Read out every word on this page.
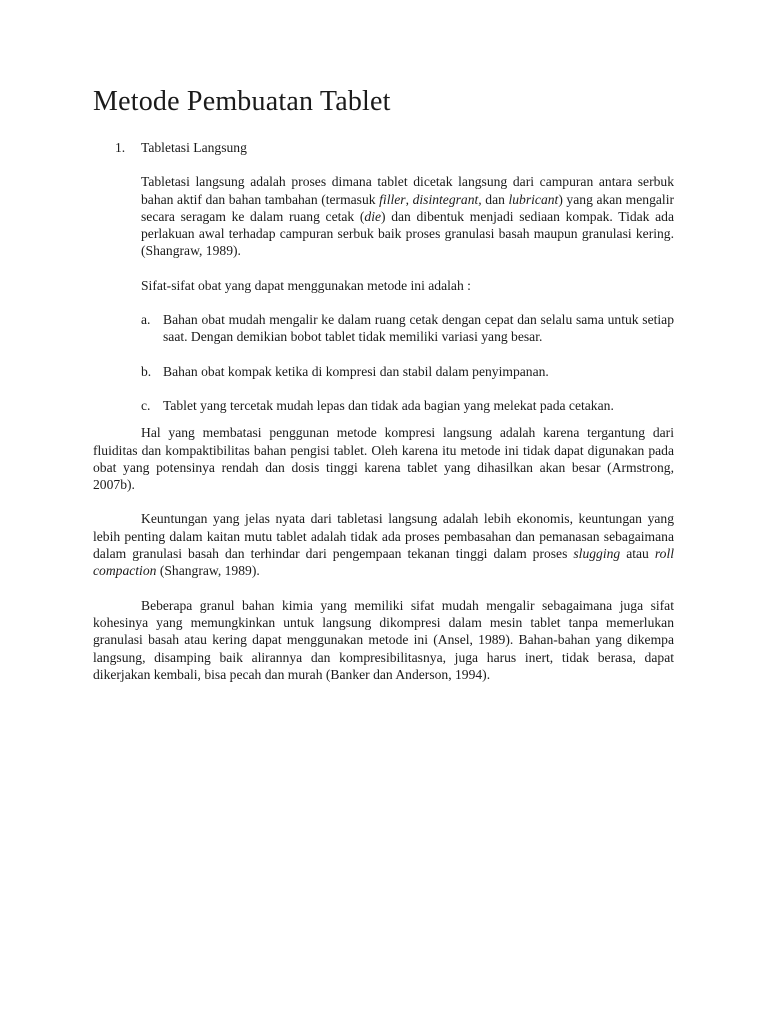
Metode Pembuatan Tablet
1. Tabletasi Langsung

Tabletasi langsung adalah proses dimana tablet dicetak langsung dari campuran antara serbuk bahan aktif dan bahan tambahan (termasuk filler, disintegrant, dan lubricant) yang akan mengalir secara seragam ke dalam ruang cetak (die) dan dibentuk menjadi sediaan kompak. Tidak ada perlakuan awal terhadap campuran serbuk baik proses granulasi basah maupun granulasi kering. (Shangraw, 1989).

Sifat-sifat obat yang dapat menggunakan metode ini adalah :

a. Bahan obat mudah mengalir ke dalam ruang cetak dengan cepat dan selalu sama untuk setiap saat. Dengan demikian bobot tablet tidak memiliki variasi yang besar.
b. Bahan obat kompak ketika di kompresi dan stabil dalam penyimpanan.
c. Tablet yang tercetak mudah lepas dan tidak ada bagian yang melekat pada cetakan.

Hal yang membatasi penggunan metode kompresi langsung adalah karena tergantung dari fluiditas dan kompaktibilitas bahan pengisi tablet. Oleh karena itu metode ini tidak dapat digunakan pada obat yang potensinya rendah dan dosis tinggi karena tablet yang dihasilkan akan besar (Armstrong, 2007b).

Keuntungan yang jelas nyata dari tabletasi langsung adalah lebih ekonomis, keuntungan yang lebih penting dalam kaitan mutu tablet adalah tidak ada proses pembasahan dan pemanasan sebagaimana dalam granulasi basah dan terhindar dari pengempaan tekanan tinggi dalam proses slugging atau roll compaction (Shangraw, 1989).

Beberapa granul bahan kimia yang memiliki sifat mudah mengalir sebagaimana juga sifat kohesinya yang memungkinkan untuk langsung dikompresi dalam mesin tablet tanpa memerlukan granulasi basah atau kering dapat menggunakan metode ini (Ansel, 1989). Bahan-bahan yang dikempa langsung, disamping baik alirannya dan kompresibilitasnya, juga harus inert, tidak berasa, dapat dikerjakan kembali, bisa pecah dan murah (Banker dan Anderson, 1994).
